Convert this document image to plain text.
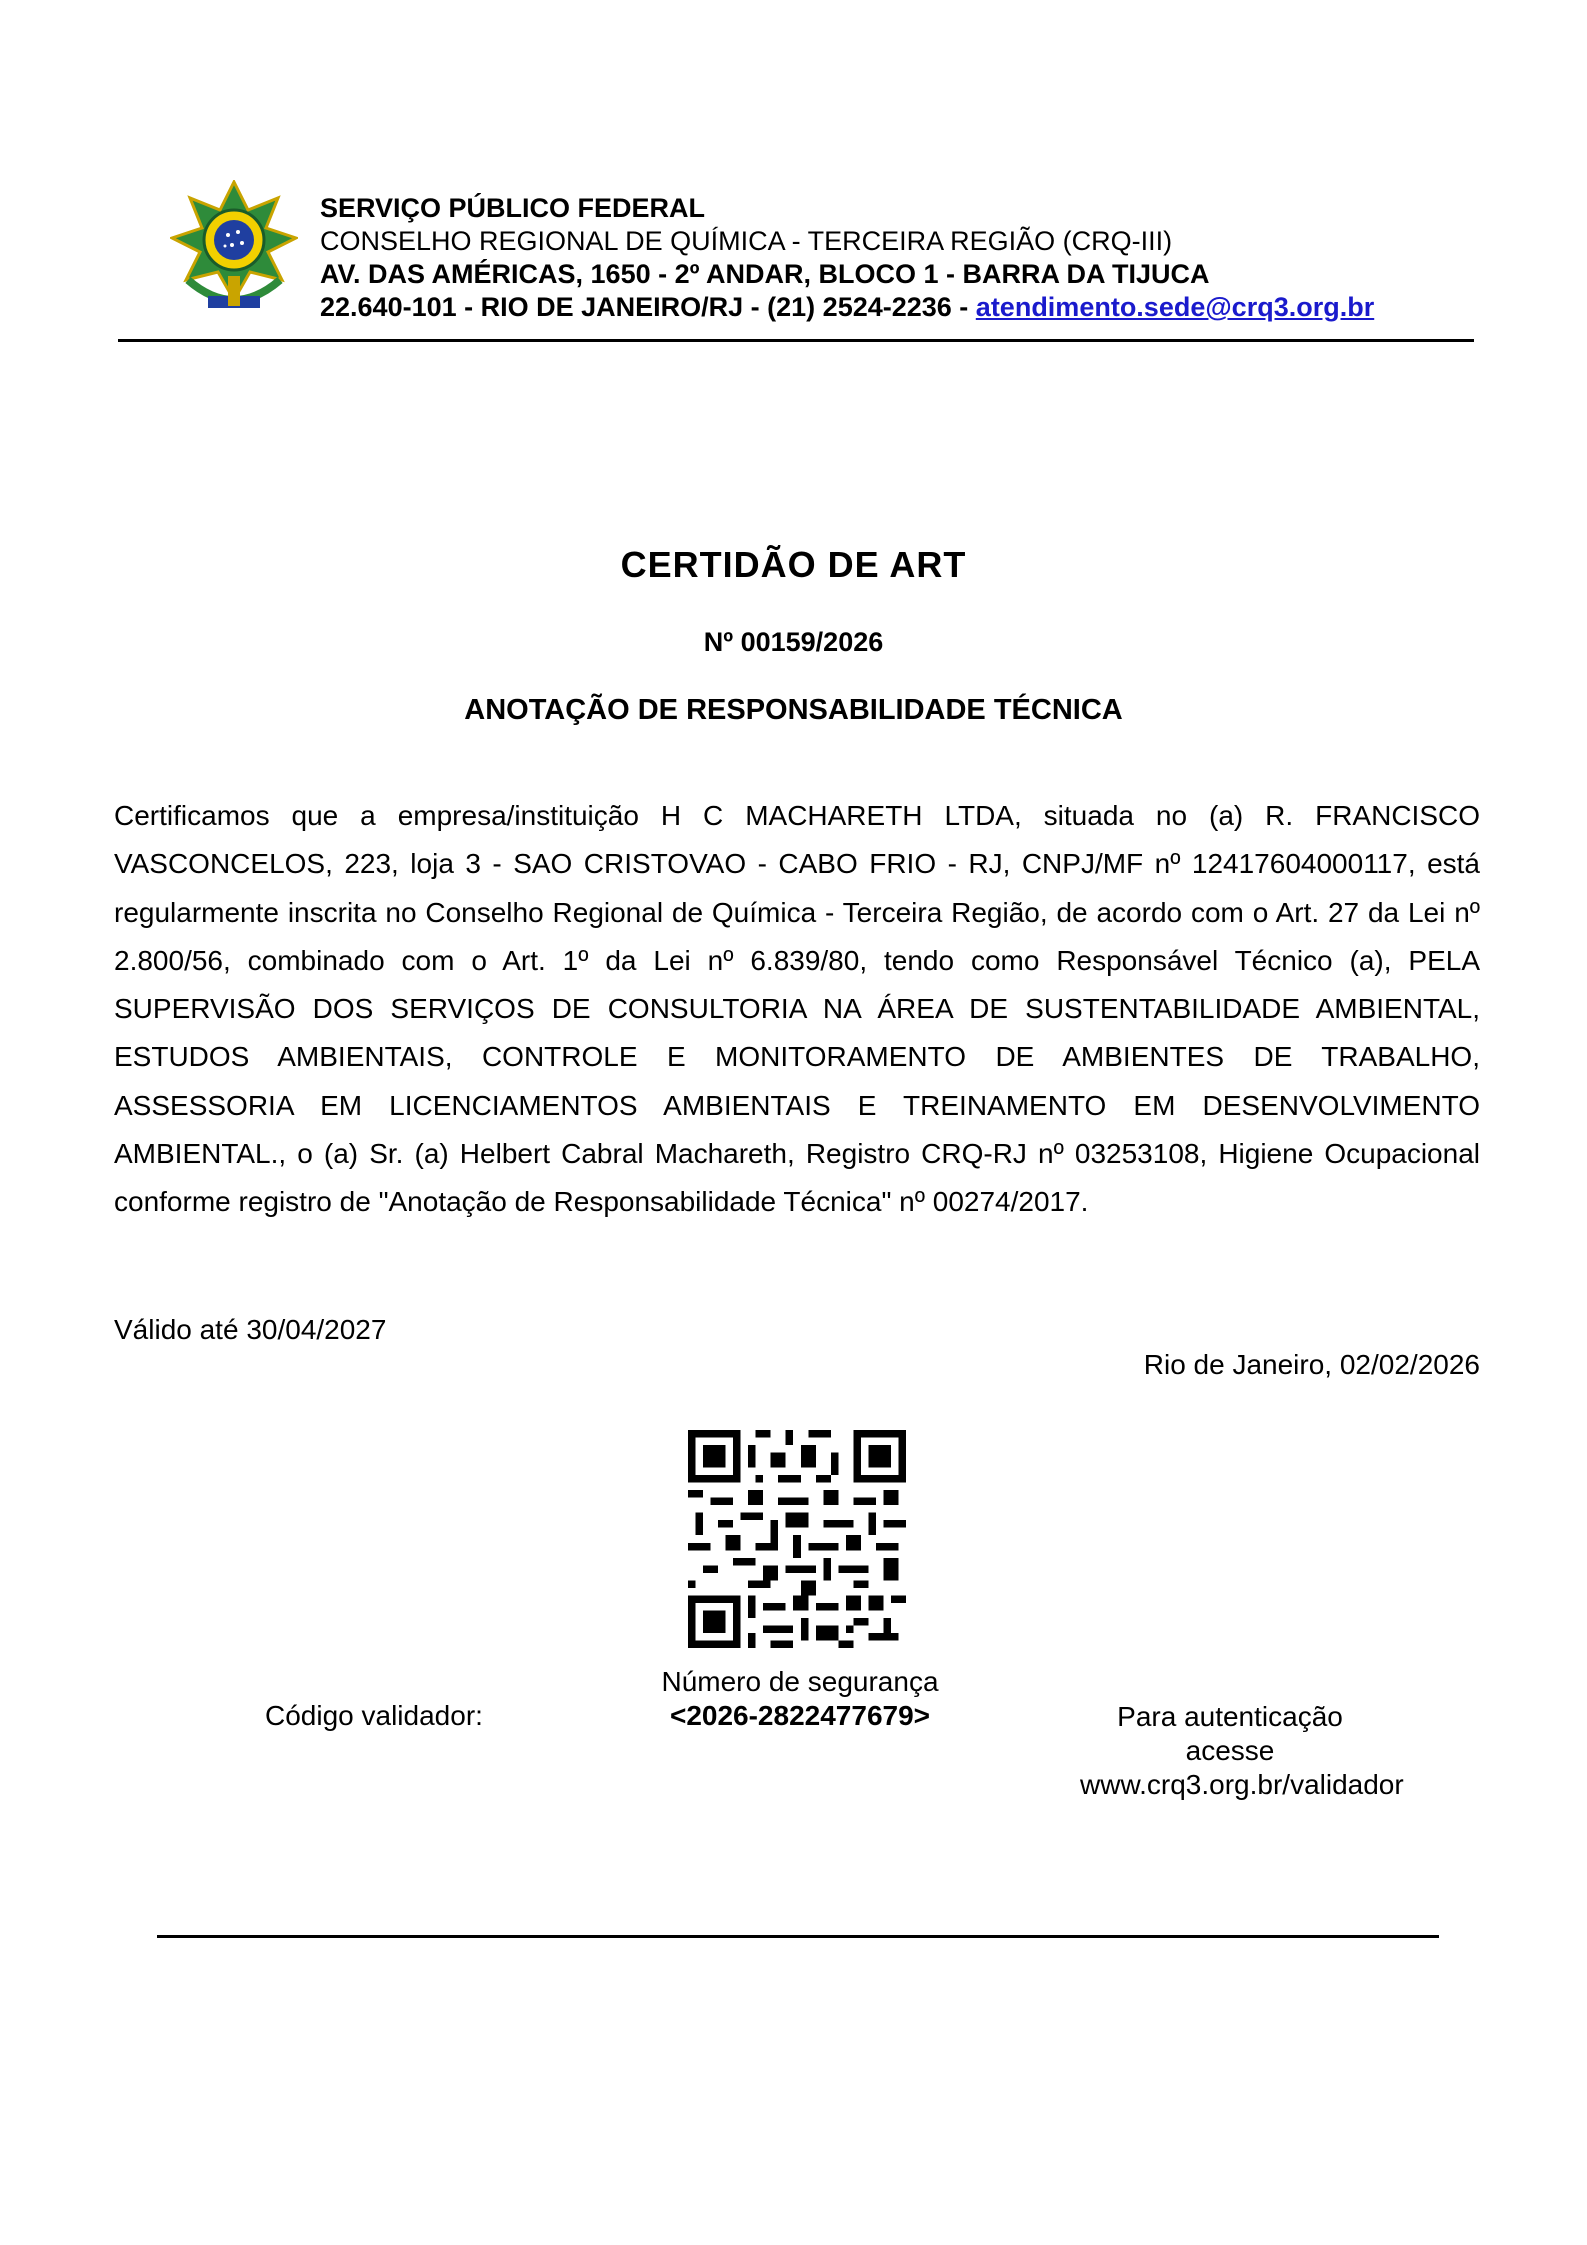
SERVIÇO PÚBLICO FEDERAL
CONSELHO REGIONAL DE QUÍMICA - TERCEIRA REGIÃO (CRQ-III)
AV. DAS AMÉRICAS, 1650 - 2º ANDAR, BLOCO 1 - BARRA DA TIJUCA
22.640-101 - RIO DE JANEIRO/RJ - (21) 2524-2236 - atendimento.sede@crq3.org.br
CERTIDÃO DE ART
Nº 00159/2026
ANOTAÇÃO DE RESPONSABILIDADE TÉCNICA
Certificamos que a empresa/instituição H C MACHARETH LTDA, situada no (a) R. FRANCISCO VASCONCELOS, 223, loja 3 - SAO CRISTOVAO - CABO FRIO - RJ, CNPJ/MF nº 12417604000117, está regularmente inscrita no Conselho Regional de Química - Terceira Região, de acordo com o Art. 27 da Lei nº 2.800/56, combinado com o Art. 1º da Lei nº 6.839/80, tendo como Responsável Técnico (a), PELA SUPERVISÃO DOS SERVIÇOS DE CONSULTORIA NA ÁREA DE SUSTENTABILIDADE AMBIENTAL, ESTUDOS AMBIENTAIS, CONTROLE E MONITORAMENTO DE AMBIENTES DE TRABALHO, ASSESSORIA EM LICENCIAMENTOS AMBIENTAIS E TREINAMENTO EM DESENVOLVIMENTO AMBIENTAL., o (a) Sr. (a) Helbert Cabral Machareth, Registro CRQ-RJ nº 03253108, Higiene Ocupacional conforme registro de "Anotação de Responsabilidade Técnica" nº 00274/2017.
Válido até 30/04/2027
Rio de Janeiro, 02/02/2026
Código validador:
Número de segurança
<2026-2822477679>	Para autenticação acesse
www.crq3.org.br/validador
